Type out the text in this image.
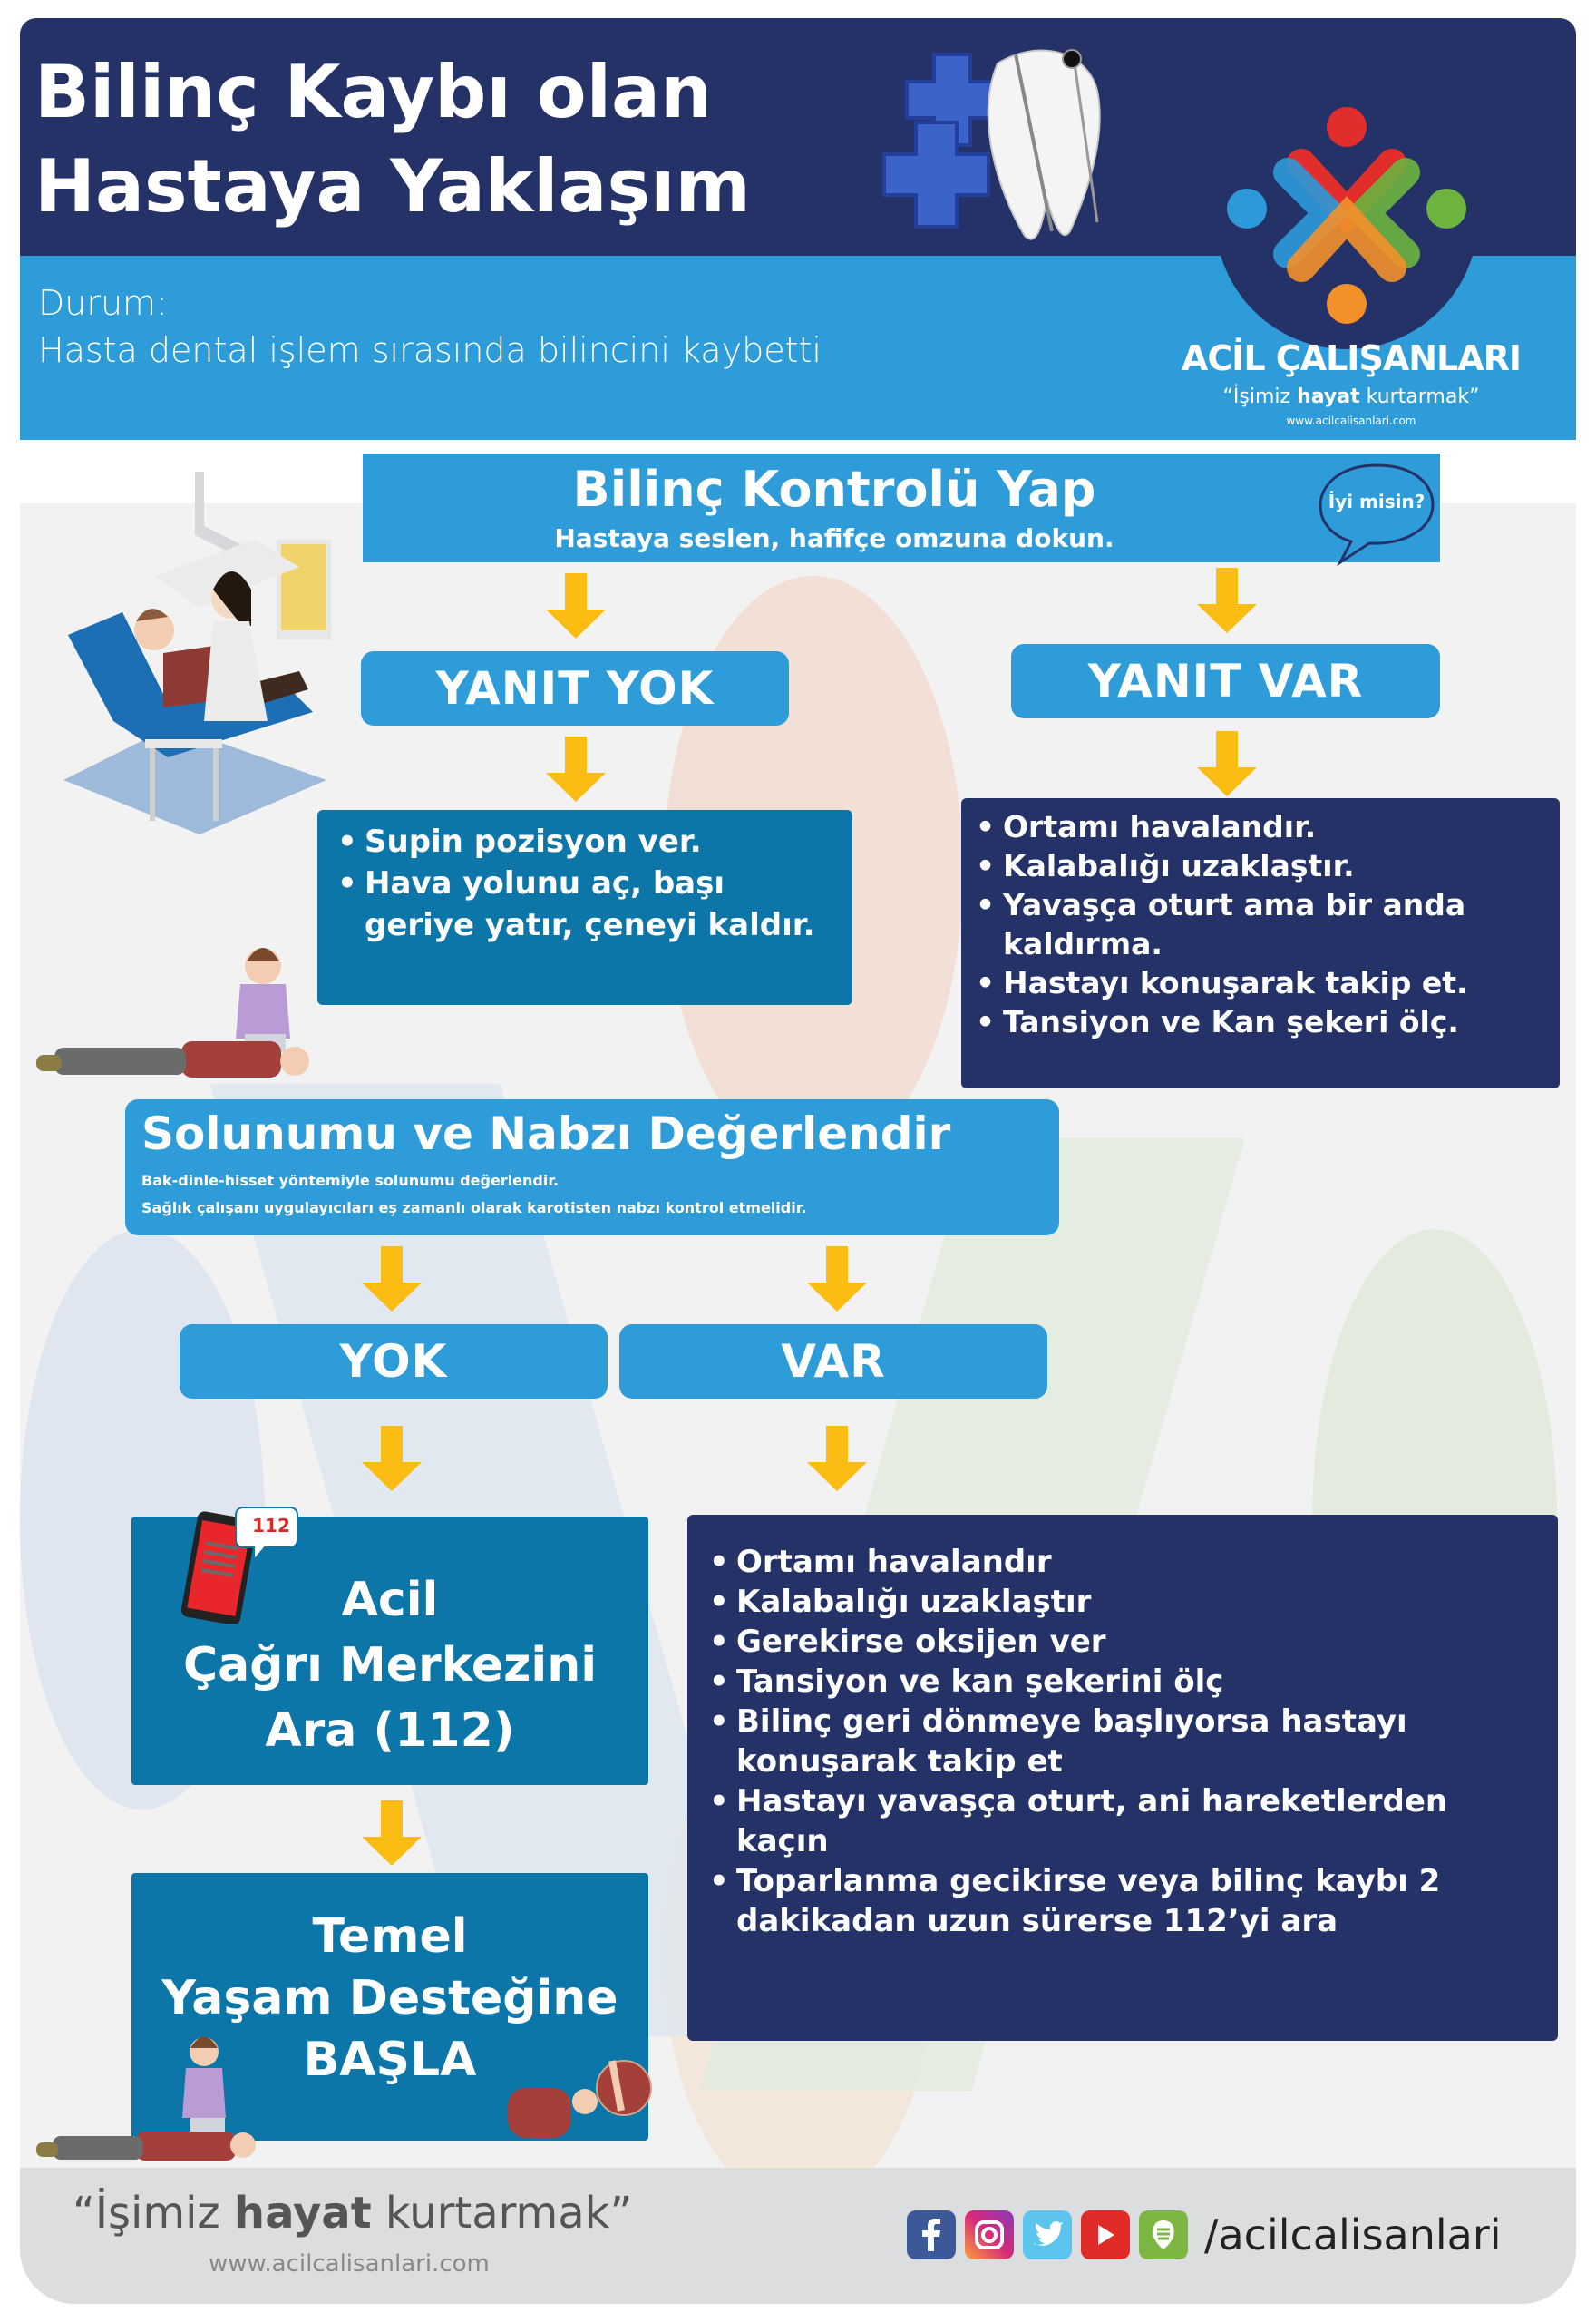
Bilinç Kaybı olan
Hastaya Yaklaşım
Durum:
Hasta dental işlem sırasında bilincini kaybetti	ACİL ÇALIŞANLARI
“İşimiz hayat kurtarmak”
www.acilcalisanlari.com
Bilinç Kontrolü Yap
Hastaya seslen, hafifçe omzuna dokun.
İyi misin?
YANIT YOK	YANIT VAR
• Supin pozisyon ver.
• Hava yolunu aç, başı geriye yatır, çeneyi kaldır.
• Ortamı havalandır.
• Kalabalığı uzaklaştır.
• Yavaşça oturt ama bir anda kaldırma.
• Hastayı konuşarak takip et.
• Tansiyon ve Kan şekeri ölç.
Solunumu ve Nabzı Değerlendir
Bak-dinle-hisset yöntemiyle solunumu değerlendir.
Sağlık çalışanı uygulayıcıları eş zamanlı olarak karotisten nabzı kontrol etmelidir.
YOK	VAR
Acil
Çağrı Merkezini
Ara (112)
112
Temel
Yaşam Desteğine
BAŞLA
• Ortamı havalandır
• Kalabalığı uzaklaştır
• Gerekirse oksijen ver
• Tansiyon ve kan şekerini ölç
• Bilinç geri dönmeye başlıyorsa hastayı konuşarak takip et
• Hastayı yavaşça oturt, ani hareketlerden kaçın
• Toparlanma gecikirse veya bilinç kaybı 2 dakikadan uzun sürerse 112’yi ara
“İşimiz hayat kurtarmak”
www.acilcalisanlari.com
/acilcalisanlari
